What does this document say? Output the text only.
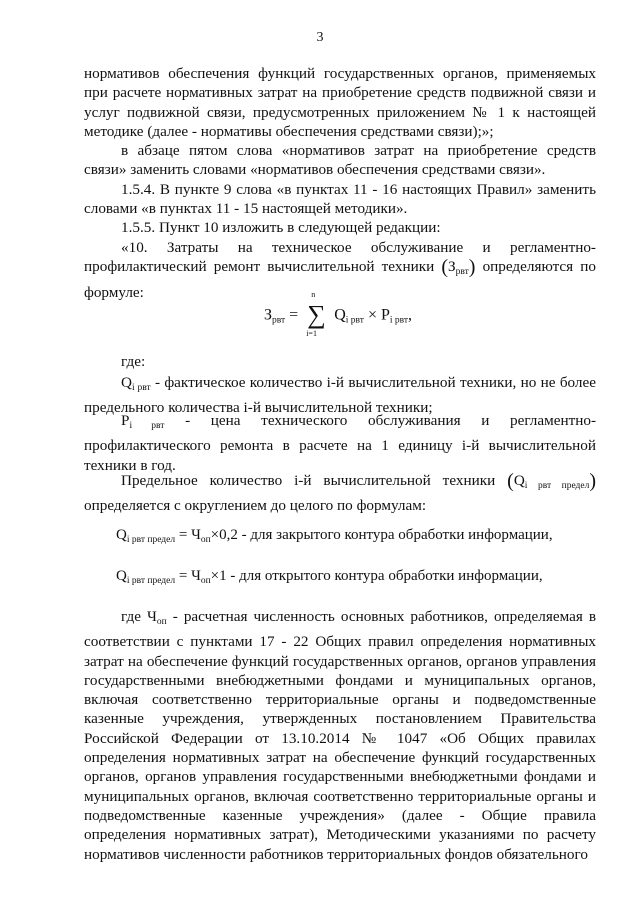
3
нормативов обеспечения функций государственных органов, применяемых при расчете нормативных затрат на приобретение средств подвижной связи и услуг подвижной связи, предусмотренных приложением № 1 к настоящей методике (далее - нормативы обеспечения средствами связи);»;
в абзаце пятом слова «нормативов затрат на приобретение средств связи» заменить словами «нормативов обеспечения средствами связи».
1.5.4. В пункте 9 слова «в пунктах 11 - 16 настоящих Правил» заменить словами «в пунктах 11 - 15 настоящей методики».
1.5.5. Пункт 10 изложить в следующей редакции:
«10. Затраты на техническое обслуживание и регламентно-профилактический ремонт вычислительной техники $(З_{рвт})$ определяются по формуле:
$З_{рвт}$ =
n
∑
i=1
$Q_{i рвт} \times P_{i рвт}$,
где:
$Q_{i рвт}$ - фактическое количество i-й вычислительной техники, но не более предельного количества i-й вычислительной техники;
$P_{i рвт}$ - цена технического обслуживания и регламентно-профилактического ремонта в расчете на 1 единицу i-й вычислительной техники в год.
Предельное количество i-й вычислительной техники $(Q_{i рвт предел})$ определяется с округлением до целого по формулам:
$Q_{i рвт предел} = Ч_{оп}\times 0,2$ - для закрытого контура обработки информации,
$Q_{i рвт предел} = Ч_{оп}\times 1$ - для открытого контура обработки информации,
где $Ч_{оп}$ - расчетная численность основных работников, определяемая в соответствии с пунктами 17 - 22 Общих правил определения нормативных затрат на обеспечение функций государственных органов, органов управления государственными внебюджетными фондами и муниципальных органов, включая соответственно территориальные органы и подведомственные казенные учреждения, утвержденных постановлением Правительства Российской Федерации от 13.10.2014 № 1047 «Об Общих правилах определения нормативных затрат на обеспечение функций государственных органов, органов управления государственными внебюджетными фондами и муниципальных органов, включая соответственно территориальные органы и подведомственные казенные учреждения» (далее - Общие правила определения нормативных затрат), Методическими указаниями по расчету нормативов численности работников территориальных фондов обязательного
